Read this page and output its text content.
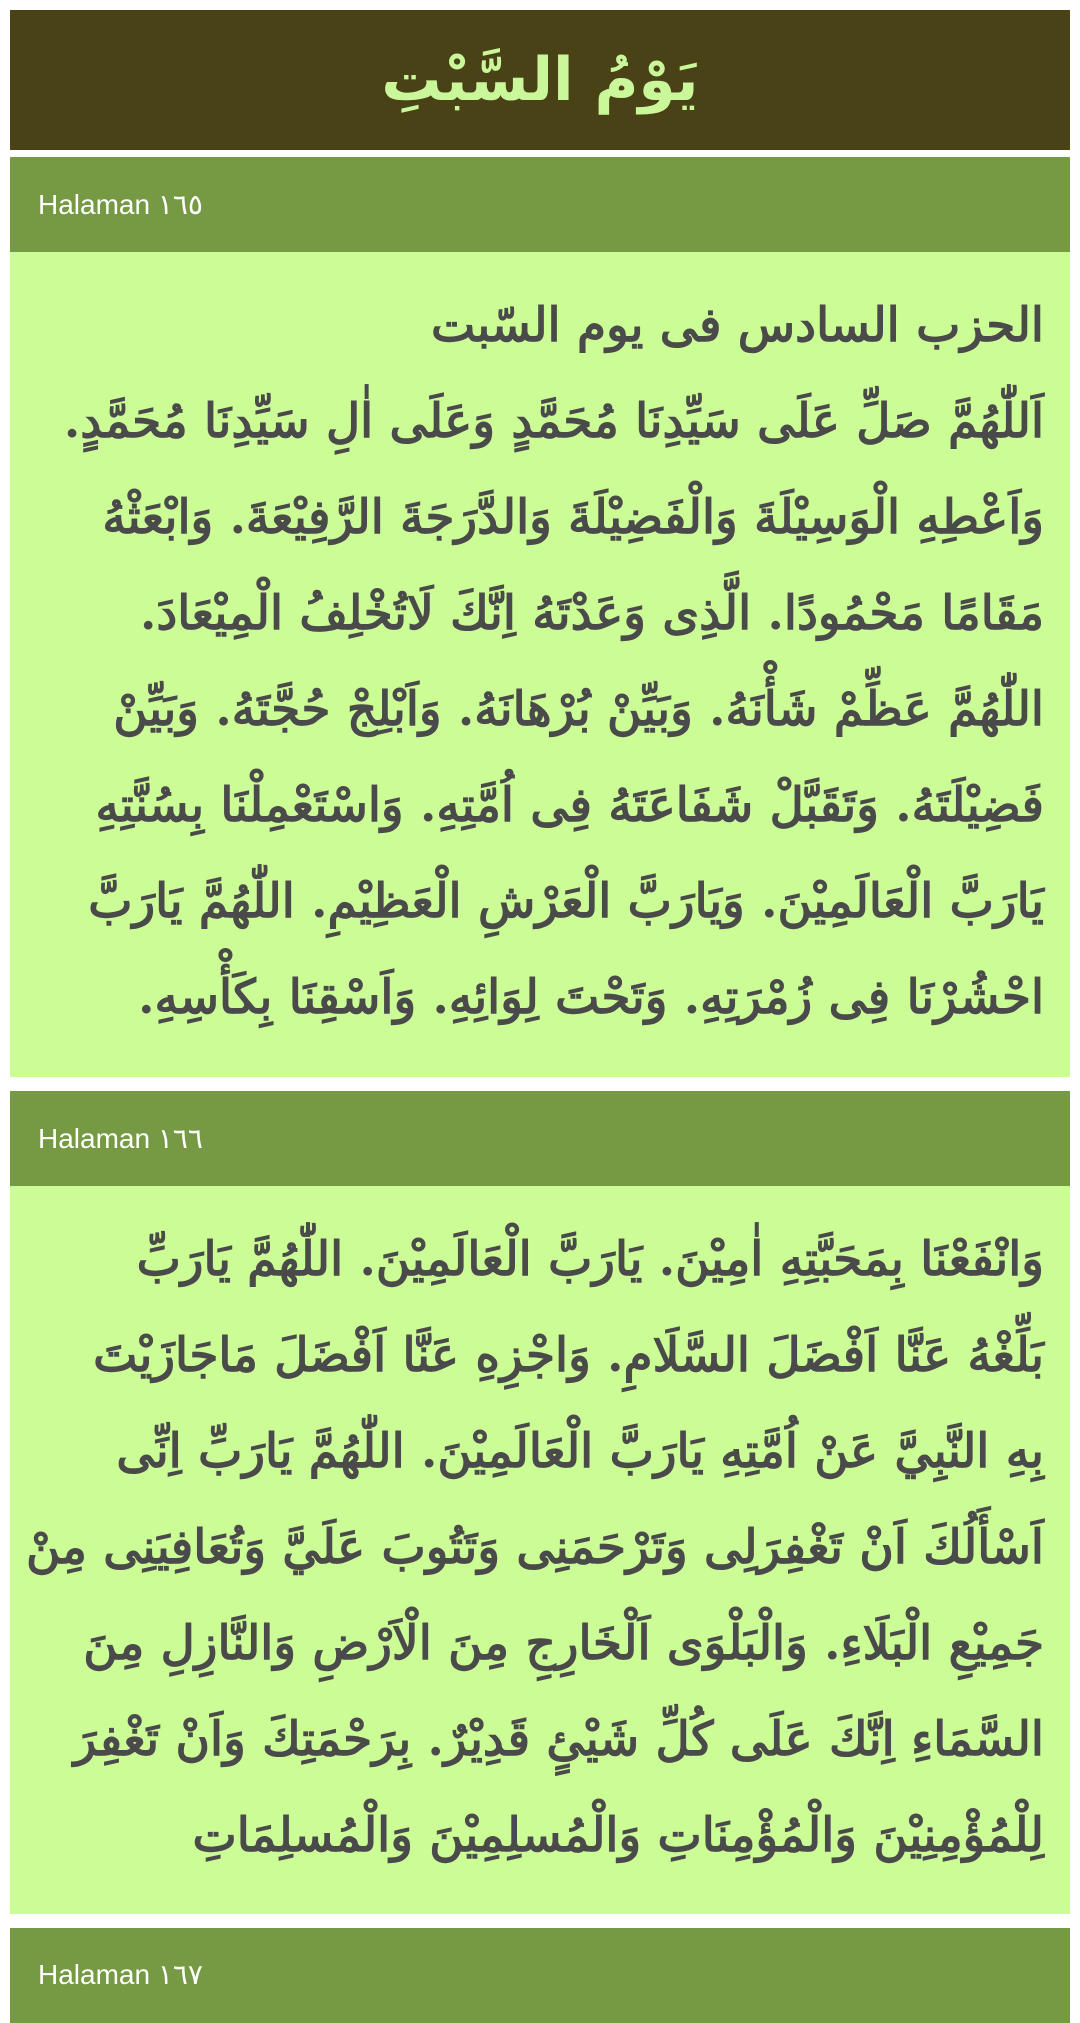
يَوْمُ السَّبْتِ
Halaman ١٦٥
الحزب السادس فى يوم السّبت
اَللّٰهُمَّ صَلِّ عَلَى سَيِّدِنَا مُحَمَّدٍ وَعَلَى اٰلِ سَيِّدِنَا مُحَمَّدٍ.
وَاَعْطِهِ الْوَسِيْلَةَ وَالْفَضِيْلَةَ وَالدَّرَجَةَ الرَّفِيْعَةَ. وَابْعَثْهُ
مَقَامًا مَحْمُودًا. الَّذِى وَعَدْتَهُ اِنَّكَ لَاتُخْلِفُ الْمِيْعَادَ.
اللّٰهُمَّ عَظِّمْ شَأْنَهُ. وَبَيِّنْ بُرْهَانَهُ. وَاَبْلِجْ حُجَّتَهُ. وَبَيِّنْ
فَضِيْلَتَهُ. وَتَقَبَّلْ شَفَاعَتَهُ فِى اُمَّتِهِ. وَاسْتَعْمِلْنَا بِسُنَّتِهِ
يَارَبَّ الْعَالَمِيْنَ. وَيَارَبَّ الْعَرْشِ الْعَظِيْمِ. اللّٰهُمَّ يَارَبَّ
احْشُرْنَا فِى زُمْرَتِهِ. وَتَحْتَ لِوَائِهِ. وَاَسْقِنَا بِكَأْسِهِ.
Halaman ١٦٦
وَانْفَعْنَا بِمَحَبَّتِهِ اٰمِيْنَ. يَارَبَّ الْعَالَمِيْنَ. اللّٰهُمَّ يَارَبِّ
بَلِّغْهُ عَنَّا اَفْضَلَ السَّلَامِ. وَاجْزِهِ عَنَّا اَفْضَلَ مَاجَازَيْتَ
بِهِ النَّبِيَّ عَنْ اُمَّتِهِ يَارَبَّ الْعَالَمِيْنَ. اللّٰهُمَّ يَارَبِّ اِنِّى
اَسْأَلُكَ اَنْ تَغْفِرَلِى وَتَرْحَمَنِى وَتَتُوبَ عَلَيَّ وَتُعَافِيَنِى مِنْ
جَمِيْعِ الْبَلَاءِ. وَالْبَلْوَى اَلْخَارِجِ مِنَ الْاَرْضِ وَالنَّازِلِ مِنَ
السَّمَاءِ اِنَّكَ عَلَى كُلِّ شَيْئٍ قَدِيْرٌ. بِرَحْمَتِكَ وَاَنْ تَغْفِرَ
لِلْمُؤْمِنِيْنَ وَالْمُؤْمِنَاتِ وَالْمُسلِمِيْنَ وَالْمُسلِمَاتِ
Halaman ١٦٧
